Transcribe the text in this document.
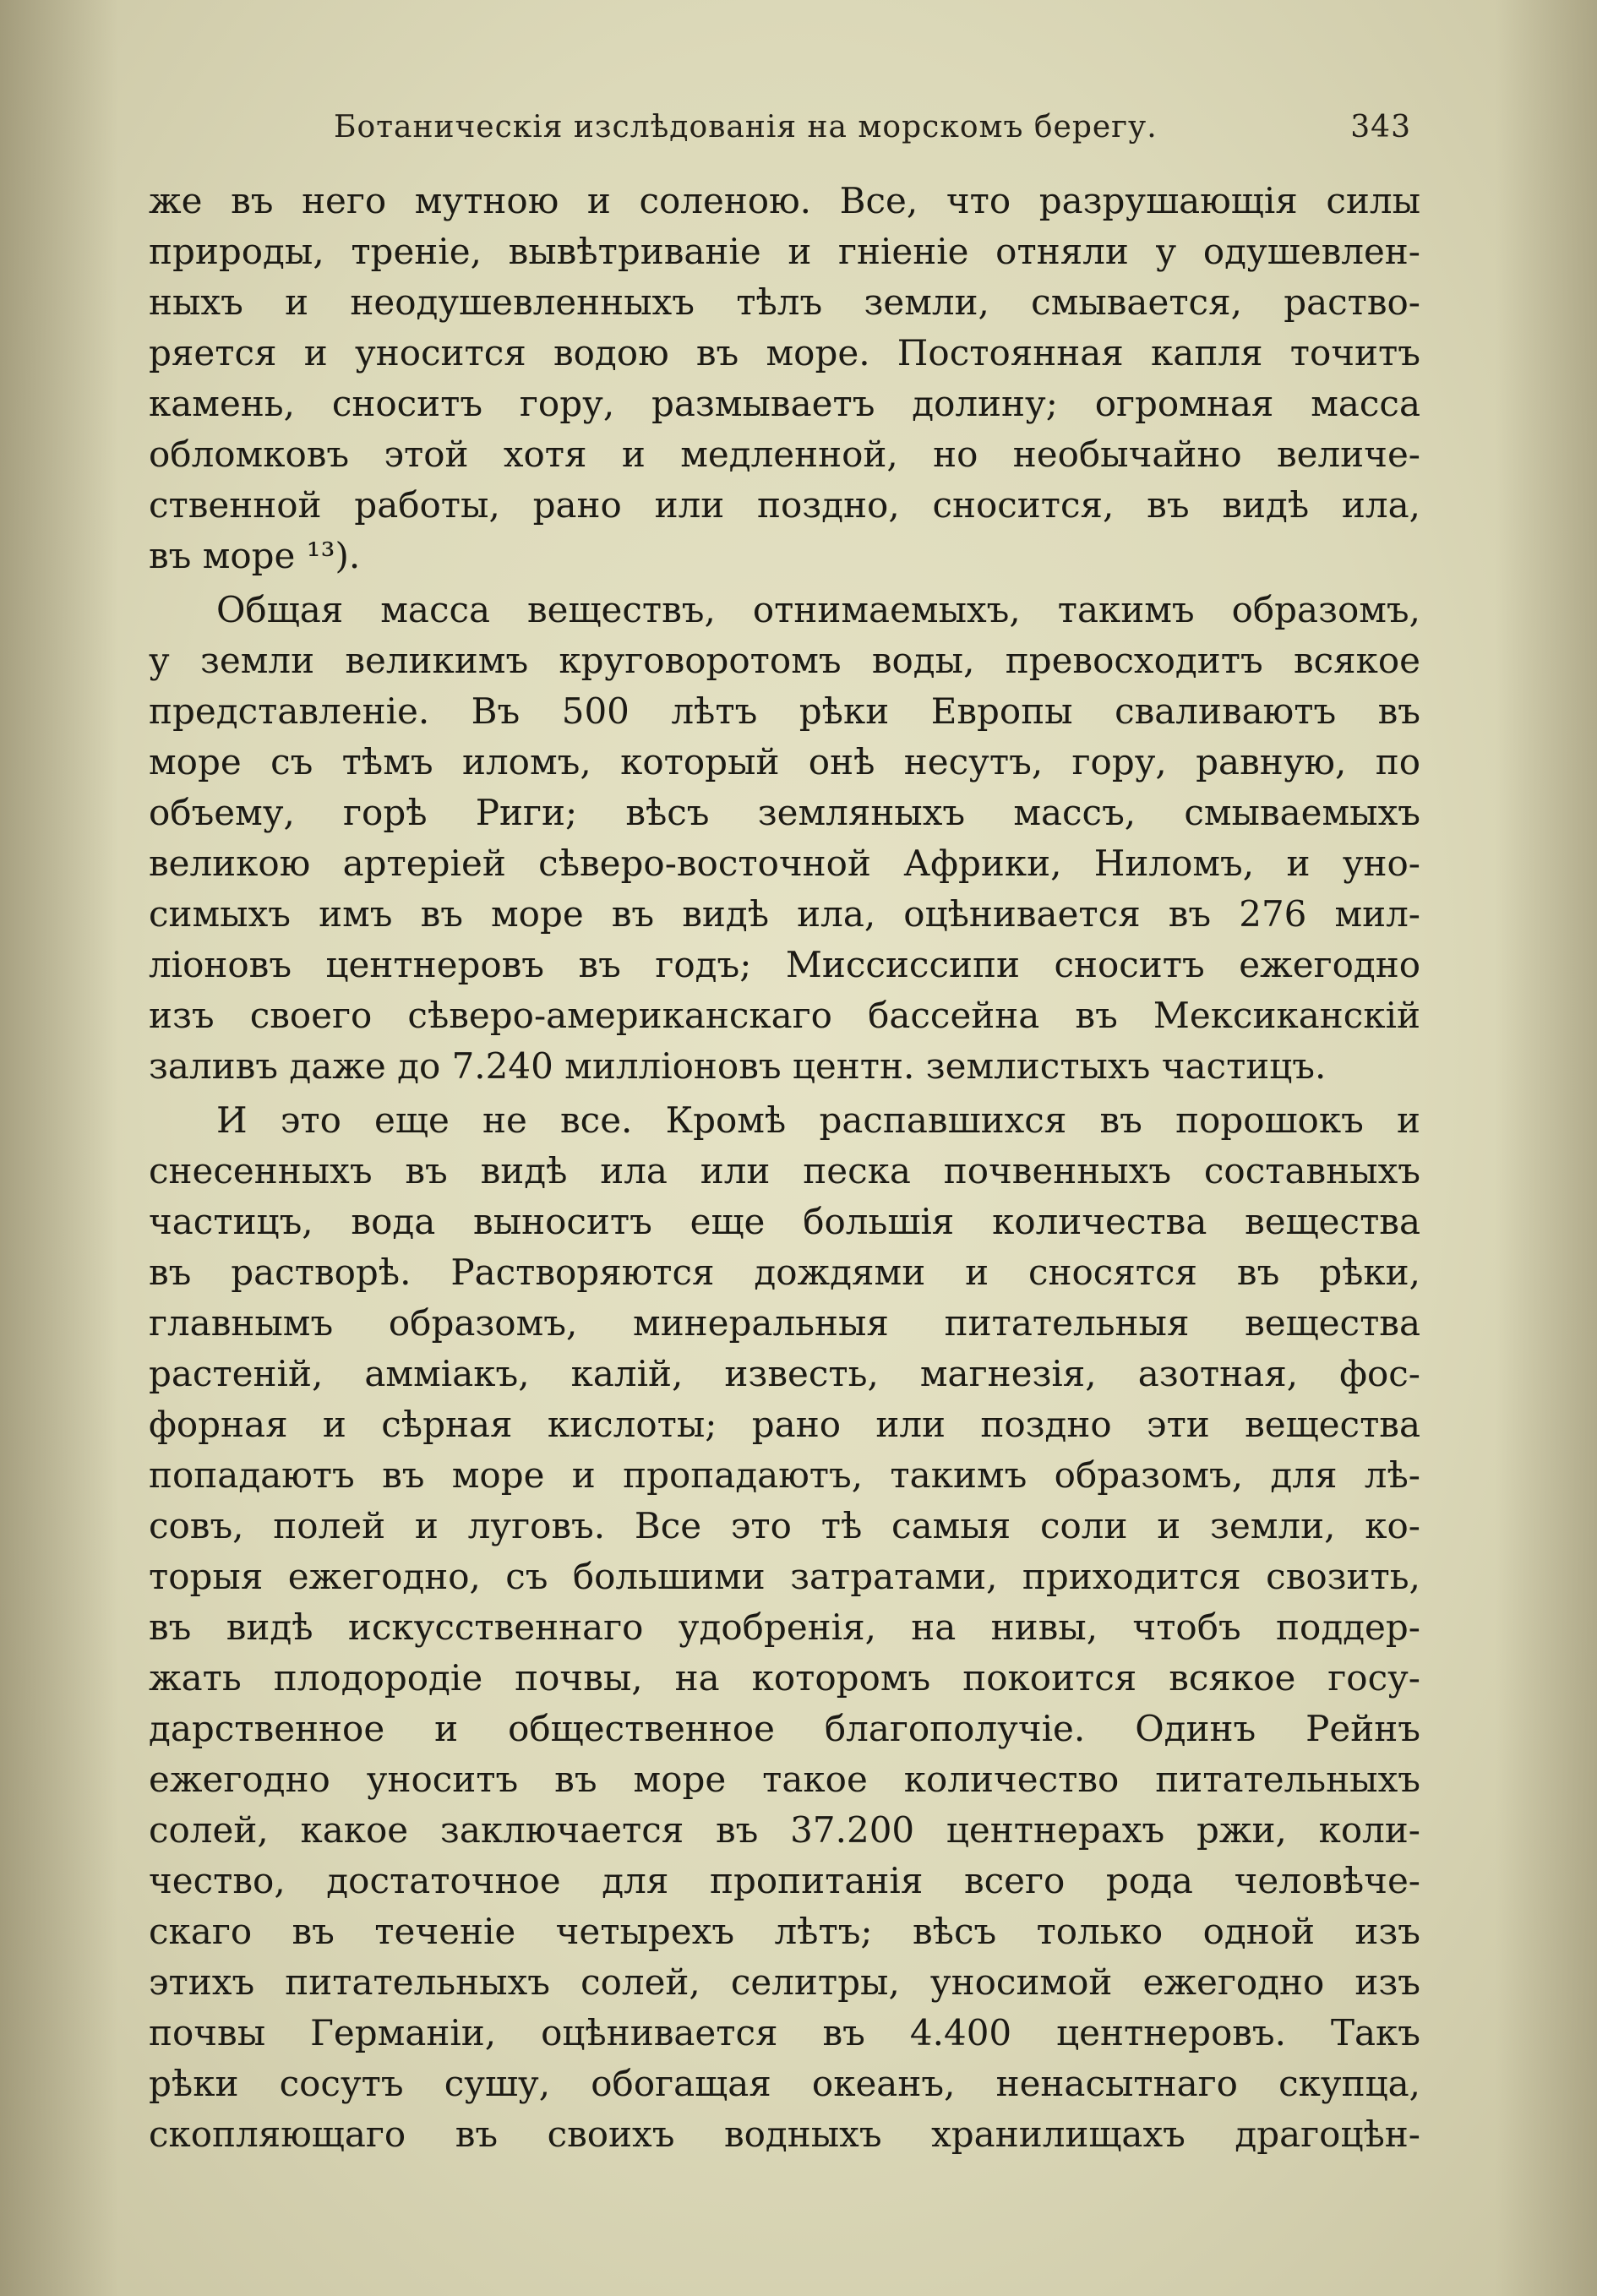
Ботаническія изслѣдованія на морскомъ берегу.	343
же въ него мутною и соленою. Все, что разрушающія силы
природы, треніе, вывѣтриваніе и гніеніе отняли у одушевлен-
ныхъ и неодушевленныхъ тѣлъ земли, смывается, раство-
ряется и уносится водою въ море. Постоянная капля точитъ
камень, сноситъ гору, размываетъ долину; огромная масса
обломковъ этой хотя и медленной, но необычайно величе-
ственной работы, рано или поздно, сносится, въ видѣ ила,
въ море ¹³).
Общая масса веществъ, отнимаемыхъ, такимъ образомъ,
у земли великимъ круговоротомъ воды, превосходитъ всякое
представленіе. Въ 500 лѣтъ рѣки Европы сваливаютъ въ
море съ тѣмъ иломъ, который онѣ несутъ, гору, равную, по
объему, горѣ Риги; вѣсъ земляныхъ массъ, смываемыхъ
великою артеріей сѣверо-восточной Африки, Ниломъ, и уно-
симыхъ имъ въ море въ видѣ ила, оцѣнивается въ 276 мил-
ліоновъ центнеровъ въ годъ; Миссиссипи сноситъ ежегодно
изъ своего сѣверо-американскаго бассейна въ Мексиканскій
заливъ даже до 7.240 милліоновъ центн. землистыхъ частицъ.
И это еще не все. Кромѣ распавшихся въ порошокъ и
снесенныхъ въ видѣ ила или песка почвенныхъ составныхъ
частицъ, вода выноситъ еще большія количества вещества
въ растворѣ. Растворяются дождями и сносятся въ рѣки,
главнымъ образомъ, минеральныя питательныя вещества
растеній, амміакъ, калій, известь, магнезія, азотная, фос-
форная и сѣрная кислоты; рано или поздно эти вещества
попадаютъ въ море и пропадаютъ, такимъ образомъ, для лѣ-
совъ, полей и луговъ. Все это тѣ самыя соли и земли, ко-
торыя ежегодно, съ большими затратами, приходится свозить,
въ видѣ искусственнаго удобренія, на нивы, чтобъ поддер-
жать плодородіе почвы, на которомъ покоится всякое госу-
дарственное и общественное благополучіе. Одинъ Рейнъ
ежегодно уноситъ въ море такое количество питательныхъ
солей, какое заключается въ 37.200 центнерахъ ржи, коли-
чество, достаточное для пропитанія всего рода человѣче-
скаго въ теченіе четырехъ лѣтъ; вѣсъ только одной изъ
этихъ питательныхъ солей, селитры, уносимой ежегодно изъ
почвы Германіи, оцѣнивается въ 4.400 центнеровъ. Такъ
рѣки сосутъ сушу, обогащая океанъ, ненасытнаго скупца,
скопляющаго въ своихъ водныхъ хранилищахъ драгоцѣн-
